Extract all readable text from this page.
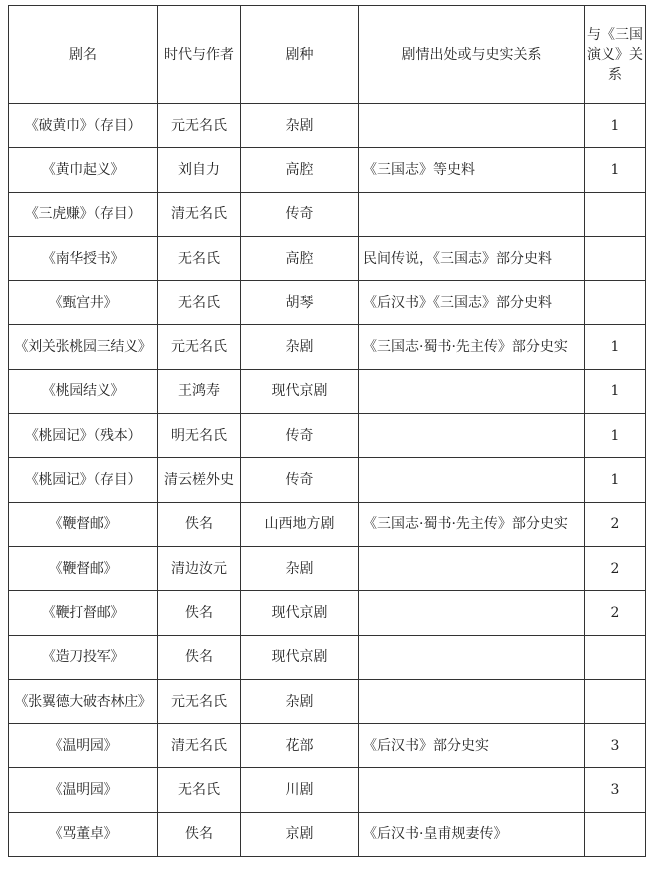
剧名	时代与作者	剧种	剧情出处或与史实关系	与《三国演义》关系
《破黄巾》（存目）	元无名氏	杂剧		1
《黄巾起义》	刘自力	高腔	《三国志》等史料	1
《三虎赚》（存目）	清无名氏	传奇		
《南华授书》	无名氏	高腔	民间传说，《三国志》部分史料	
《甄宫井》	无名氏	胡琴	《后汉书》《三国志》部分史料	
《刘关张桃园三结义》	元无名氏	杂剧	《三国志·蜀书·先主传》部分史实	1
《桃园结义》	王鸿寿	现代京剧		1
《桃园记》（残本）	明无名氏	传奇		1
《桃园记》（存目）	清云槎外史	传奇		1
《鞭督邮》	佚名	山西地方剧	《三国志·蜀书·先主传》部分史实	2
《鞭督邮》	清边汝元	杂剧		2
《鞭打督邮》	佚名	现代京剧		2
《造刀投军》	佚名	现代京剧		
《张翼德大破杏林庄》	元无名氏	杂剧		
《温明园》	清无名氏	花部	《后汉书》部分史实	3
《温明园》	无名氏	川剧		3
《骂董卓》	佚名	京剧	《后汉书·皇甫规妻传》	
